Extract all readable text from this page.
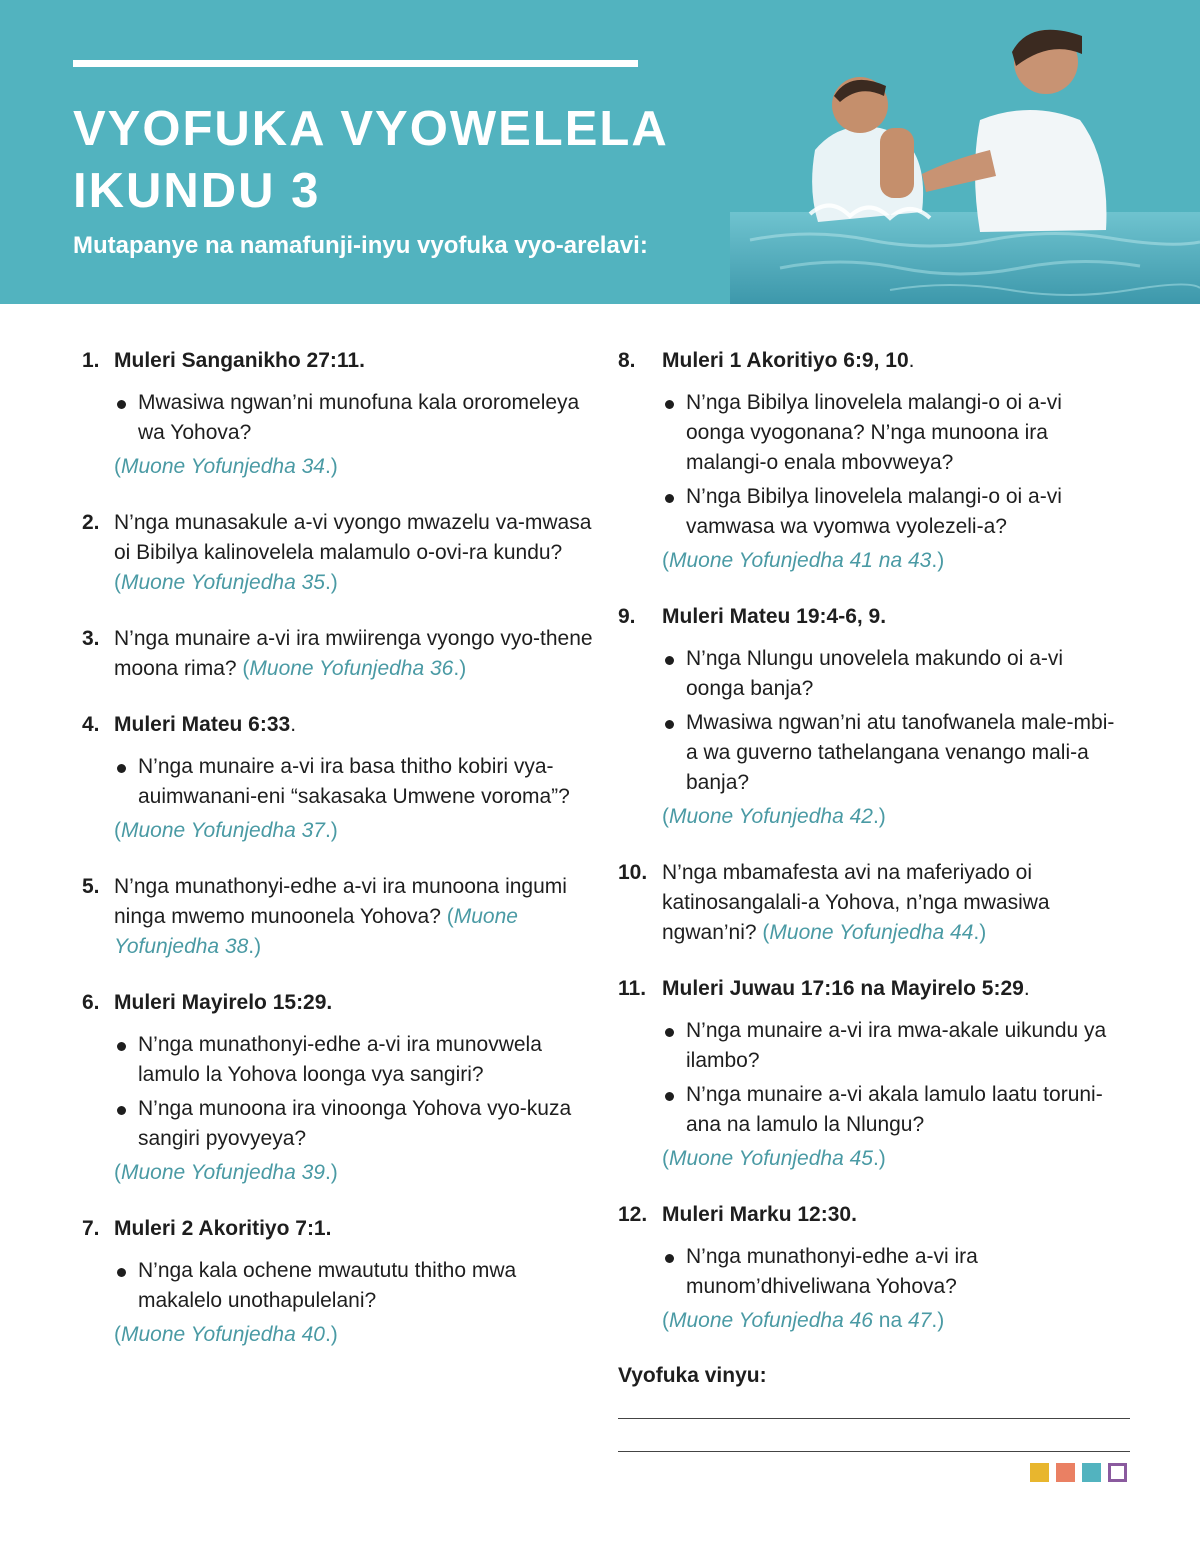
VYOFUKA VYOWELELA
IKUNDU 3
Mutapanye na namafunji-inyu vyofuka vyo-arelavi:
1. Muleri Sanganikho 27:11.
Mwasiwa ngwan’ni munofuna kala ororomeleya wa Yohova?
(Muone Yofunjedha 34.)
2. N’nga munasakule a-vi vyongo mwazelu va-mwasa oi Bibilya kalinovelela malamulo o-ovi-ra kundu? (Muone Yofunjedha 35.)
3. N’nga munaire a-vi ira mwiirenga vyongo vyo-thene moona rima? (Muone Yofunjedha 36.)
4. Muleri Mateu 6:33.
N’nga munaire a-vi ira basa thitho kobiri vya-auimwanani-eni “sakasaka Umwene voroma”?
(Muone Yofunjedha 37.)
5. N’nga munathonyi-edhe a-vi ira munoona ingumi ninga mwemo munoonela Yohova? (Muone Yofunjedha 38.)
6. Muleri Mayirelo 15:29.
N’nga munathonyi-edhe a-vi ira munovwela lamulo la Yohova loonga vya sangiri?
N’nga munoona ira vinoonga Yohova vyo-kuza sangiri pyovyeya?
(Muone Yofunjedha 39.)
7. Muleri 2 Akoritiyo 7:1.
N’nga kala ochene mwaututu thitho mwa makalelo unothapulelani?
(Muone Yofunjedha 40.)
8. Muleri 1 Akoritiyo 6:9, 10.
N’nga Bibilya linovelela malangi-o oi a-vi oonga vyogonana? N’nga munoona ira malangi-o enala mbovweya?
N’nga Bibilya linovelela malangi-o oi a-vi vamwasa wa vyomwa vyolezeli-a?
(Muone Yofunjedha 41 na 43.)
9. Muleri Mateu 19:4-6, 9.
N’nga Nlungu unovelela makundo oi a-vi oonga banja?
Mwasiwa ngwan’ni atu tanofwanela male-mbi-a wa guverno tathelangana venango mali-a banja?
(Muone Yofunjedha 42.)
10. N’nga mbamafesta avi na maferiyado oi katinosangalali-a Yohova, n’nga mwasiwa ngwan’ni? (Muone Yofunjedha 44.)
11. Muleri Juwau 17:16 na Mayirelo 5:29.
N’nga munaire a-vi ira mwa-akale uikundu ya ilambo?
N’nga munaire a-vi akala lamulo laatu toruni-ana na lamulo la Nlungu?
(Muone Yofunjedha 45.)
12. Muleri Marku 12:30.
N’nga munathonyi-edhe a-vi ira munom’dhiveliwana Yohova?
(Muone Yofunjedha 46 na 47.)
Vyofuka vinyu:
